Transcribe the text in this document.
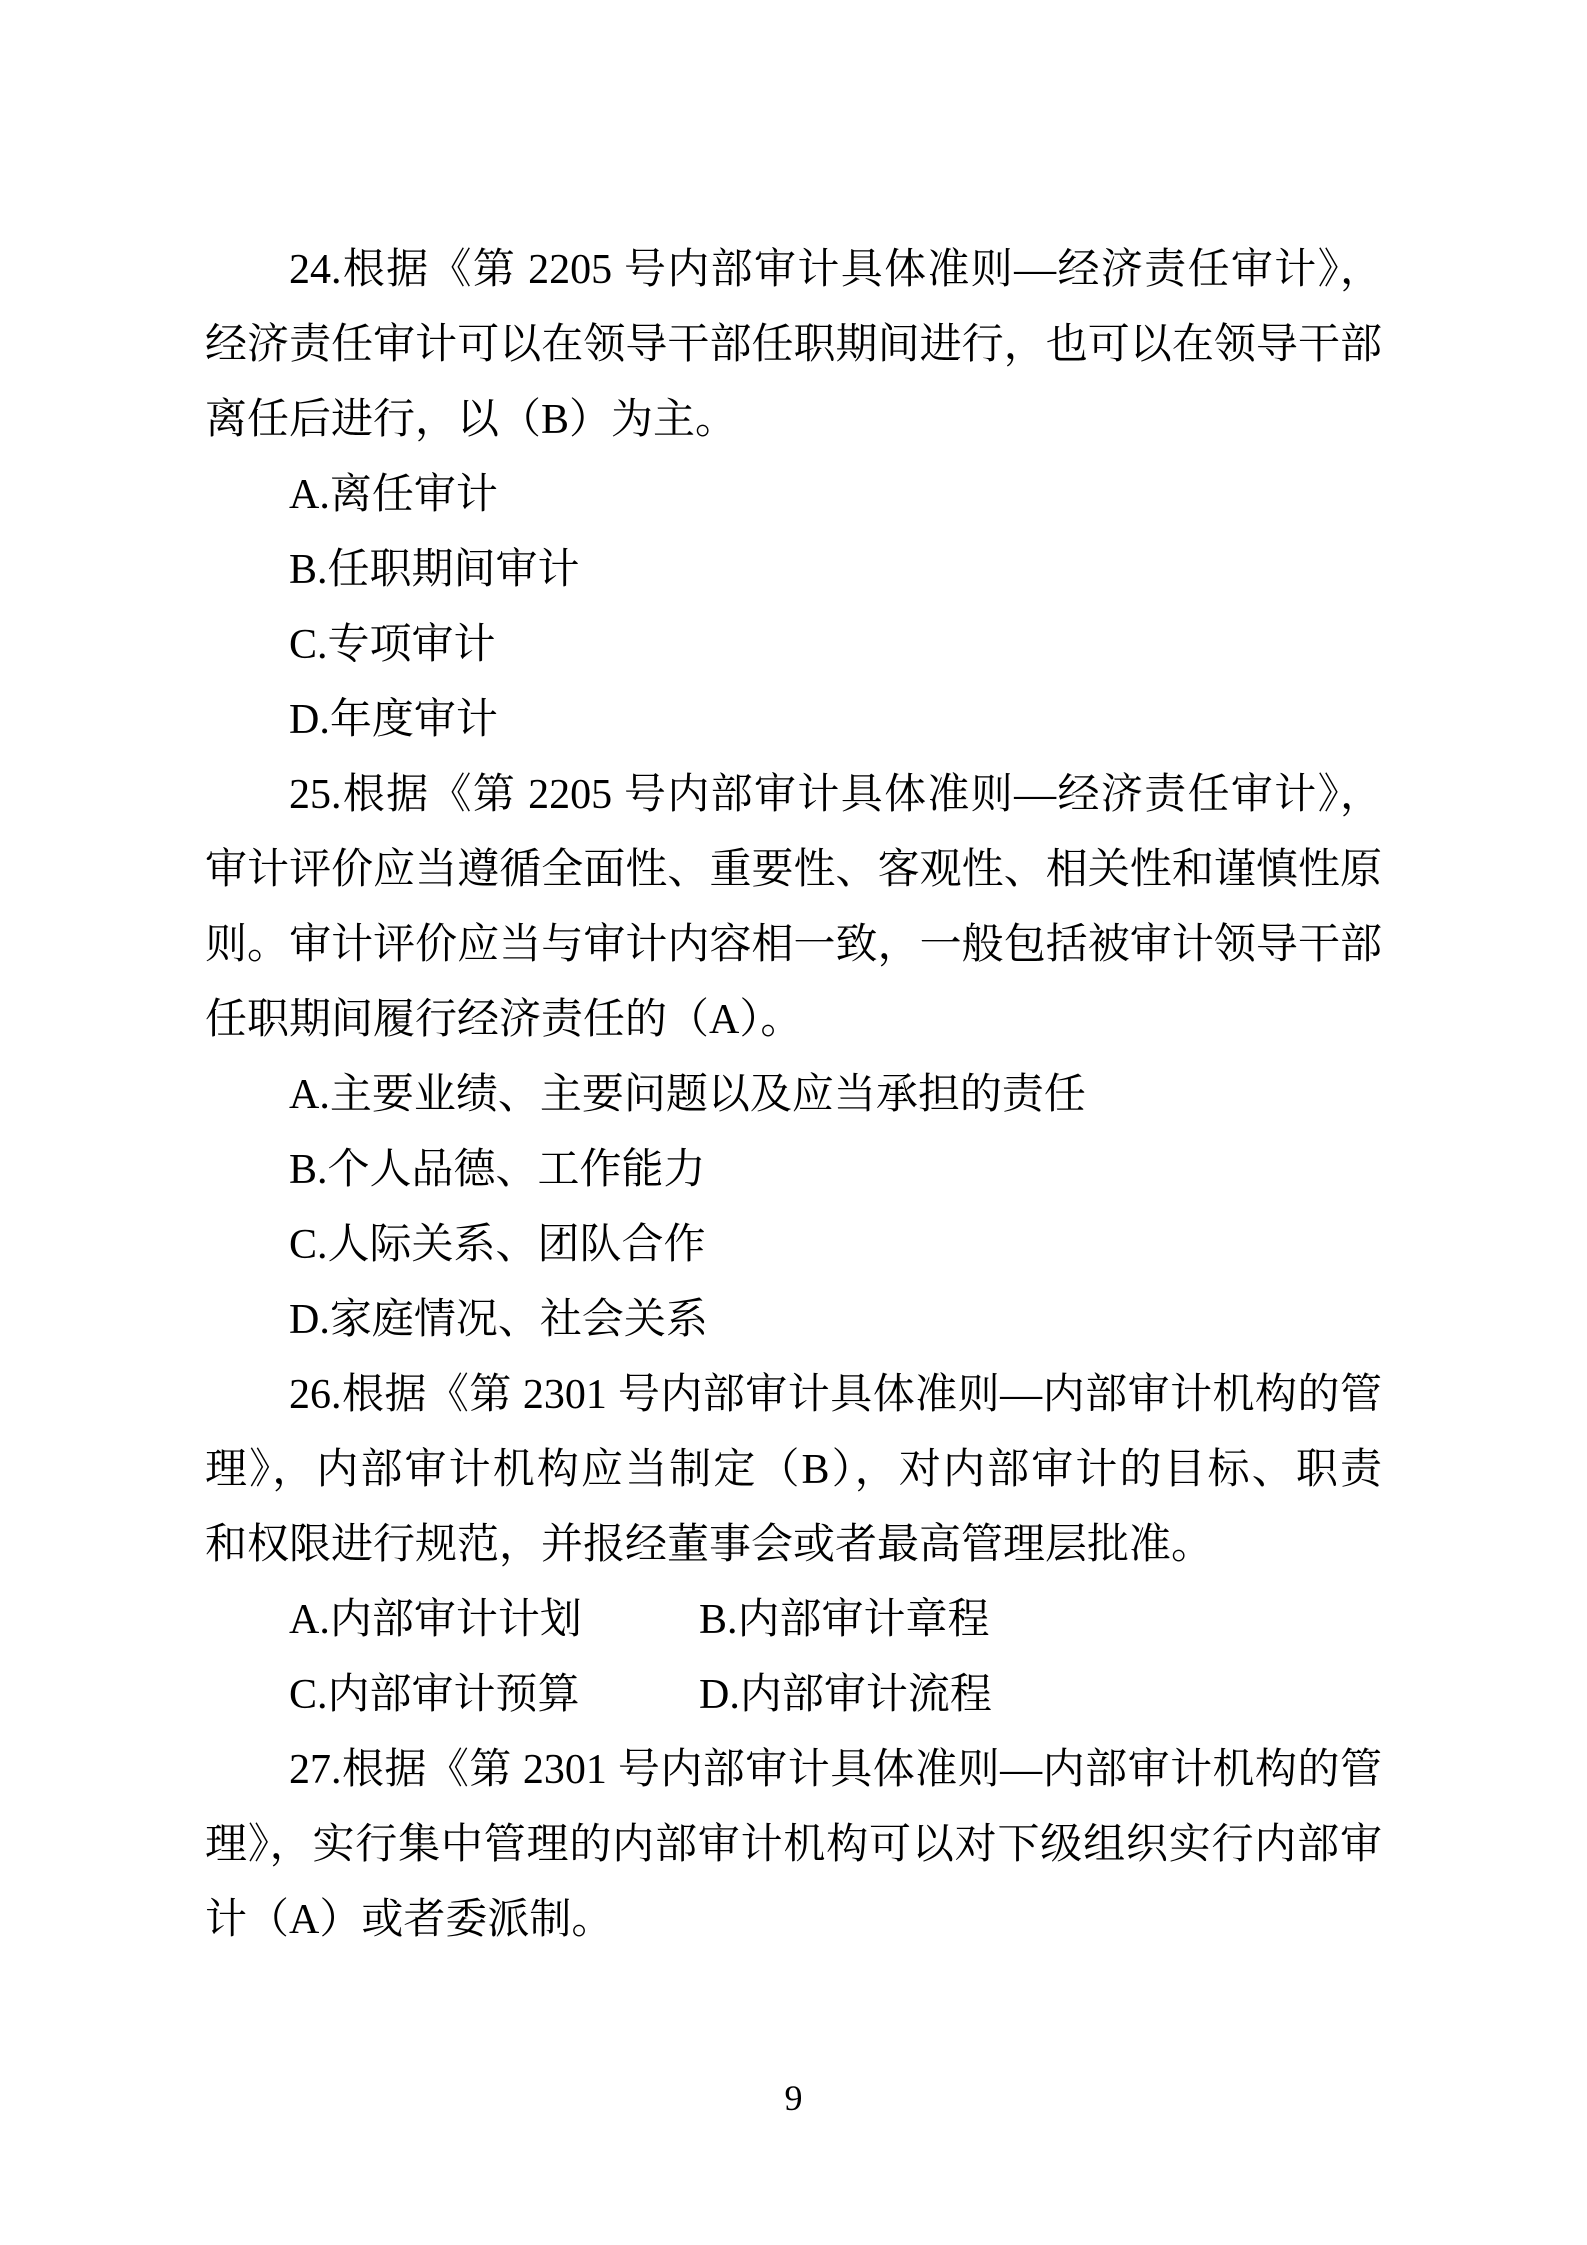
24.根据《第 2205 号内部审计具体准则—经济责任审计》，
经济责任审计可以在领导干部任职期间进行，也可以在领导干部
离任后进行，以（B）为主。
A.离任审计
B.任职期间审计
C.专项审计
D.年度审计
25.根据《第 2205 号内部审计具体准则—经济责任审计》，
审计评价应当遵循全面性、重要性、客观性、相关性和谨慎性原
则。审计评价应当与审计内容相一致，一般包括被审计领导干部
任职期间履行经济责任的（A）。
A.主要业绩、主要问题以及应当承担的责任
B.个人品德、工作能力
C.人际关系、团队合作
D.家庭情况、社会关系
26.根据《第 2301 号内部审计具体准则—内部审计机构的管
理》，内部审计机构应当制定（B），对内部审计的目标、职责
和权限进行规范，并报经董事会或者最高管理层批准。
A.内部审计计划	B.内部审计章程
C.内部审计预算	D.内部审计流程
27.根据《第 2301 号内部审计具体准则—内部审计机构的管
理》，实行集中管理的内部审计机构可以对下级组织实行内部审
计（A）或者委派制。
9
